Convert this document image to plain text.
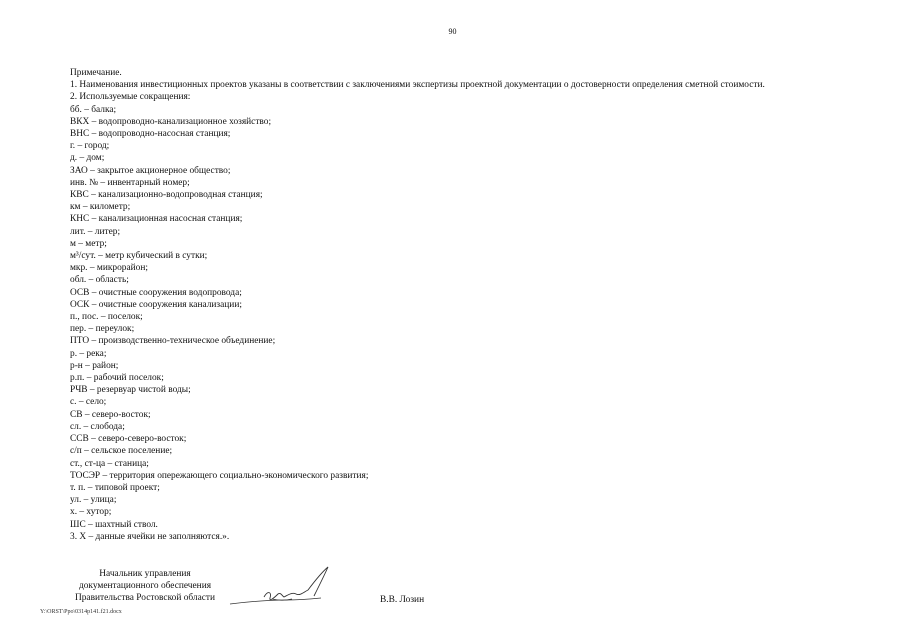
90
Примечание.
1. Наименования инвестиционных проектов указаны в соответствии с заключениями экспертизы проектной документации о достоверности определения сметной стоимости.
2. Используемые сокращения:
бб. – балка;
ВКХ – водопроводно-канализационное хозяйство;
ВНС – водопроводно-насосная станция;
г. – город;
д. – дом;
ЗАО – закрытое акционерное общество;
инв. № – инвентарный номер;
КВС – канализационно-водопроводная станция;
км – километр;
КНС – канализационная насосная станция;
лит. – литер;
м – метр;
м³/сут. – метр кубический в сутки;
мкр. – микрорайон;
обл. – область;
ОСВ – очистные сооружения водопровода;
ОСК – очистные сооружения канализации;
п., пос. – поселок;
пер. – переулок;
ПТО – производственно-техническое объединение;
р. – река;
р-н – район;
р.п. – рабочий поселок;
РЧВ – резервуар чистой воды;
с. – село;
СВ – северо-восток;
сл. – слобода;
ССВ – северо-северо-восток;
с/п – сельское поселение;
ст., ст-ца – станица;
ТОСЭР – территория опережающего социально-экономического развития;
т. п. – типовой проект;
ул. – улица;
х. – хутор;
ШС – шахтный ствол.
3. Х – данные ячейки не заполняются.».
Начальник управления
документационного обеспечения
Правительства Ростовской области	В.В. Лозин
Y:\ORST\Ppo\0314p141.f21.docx
